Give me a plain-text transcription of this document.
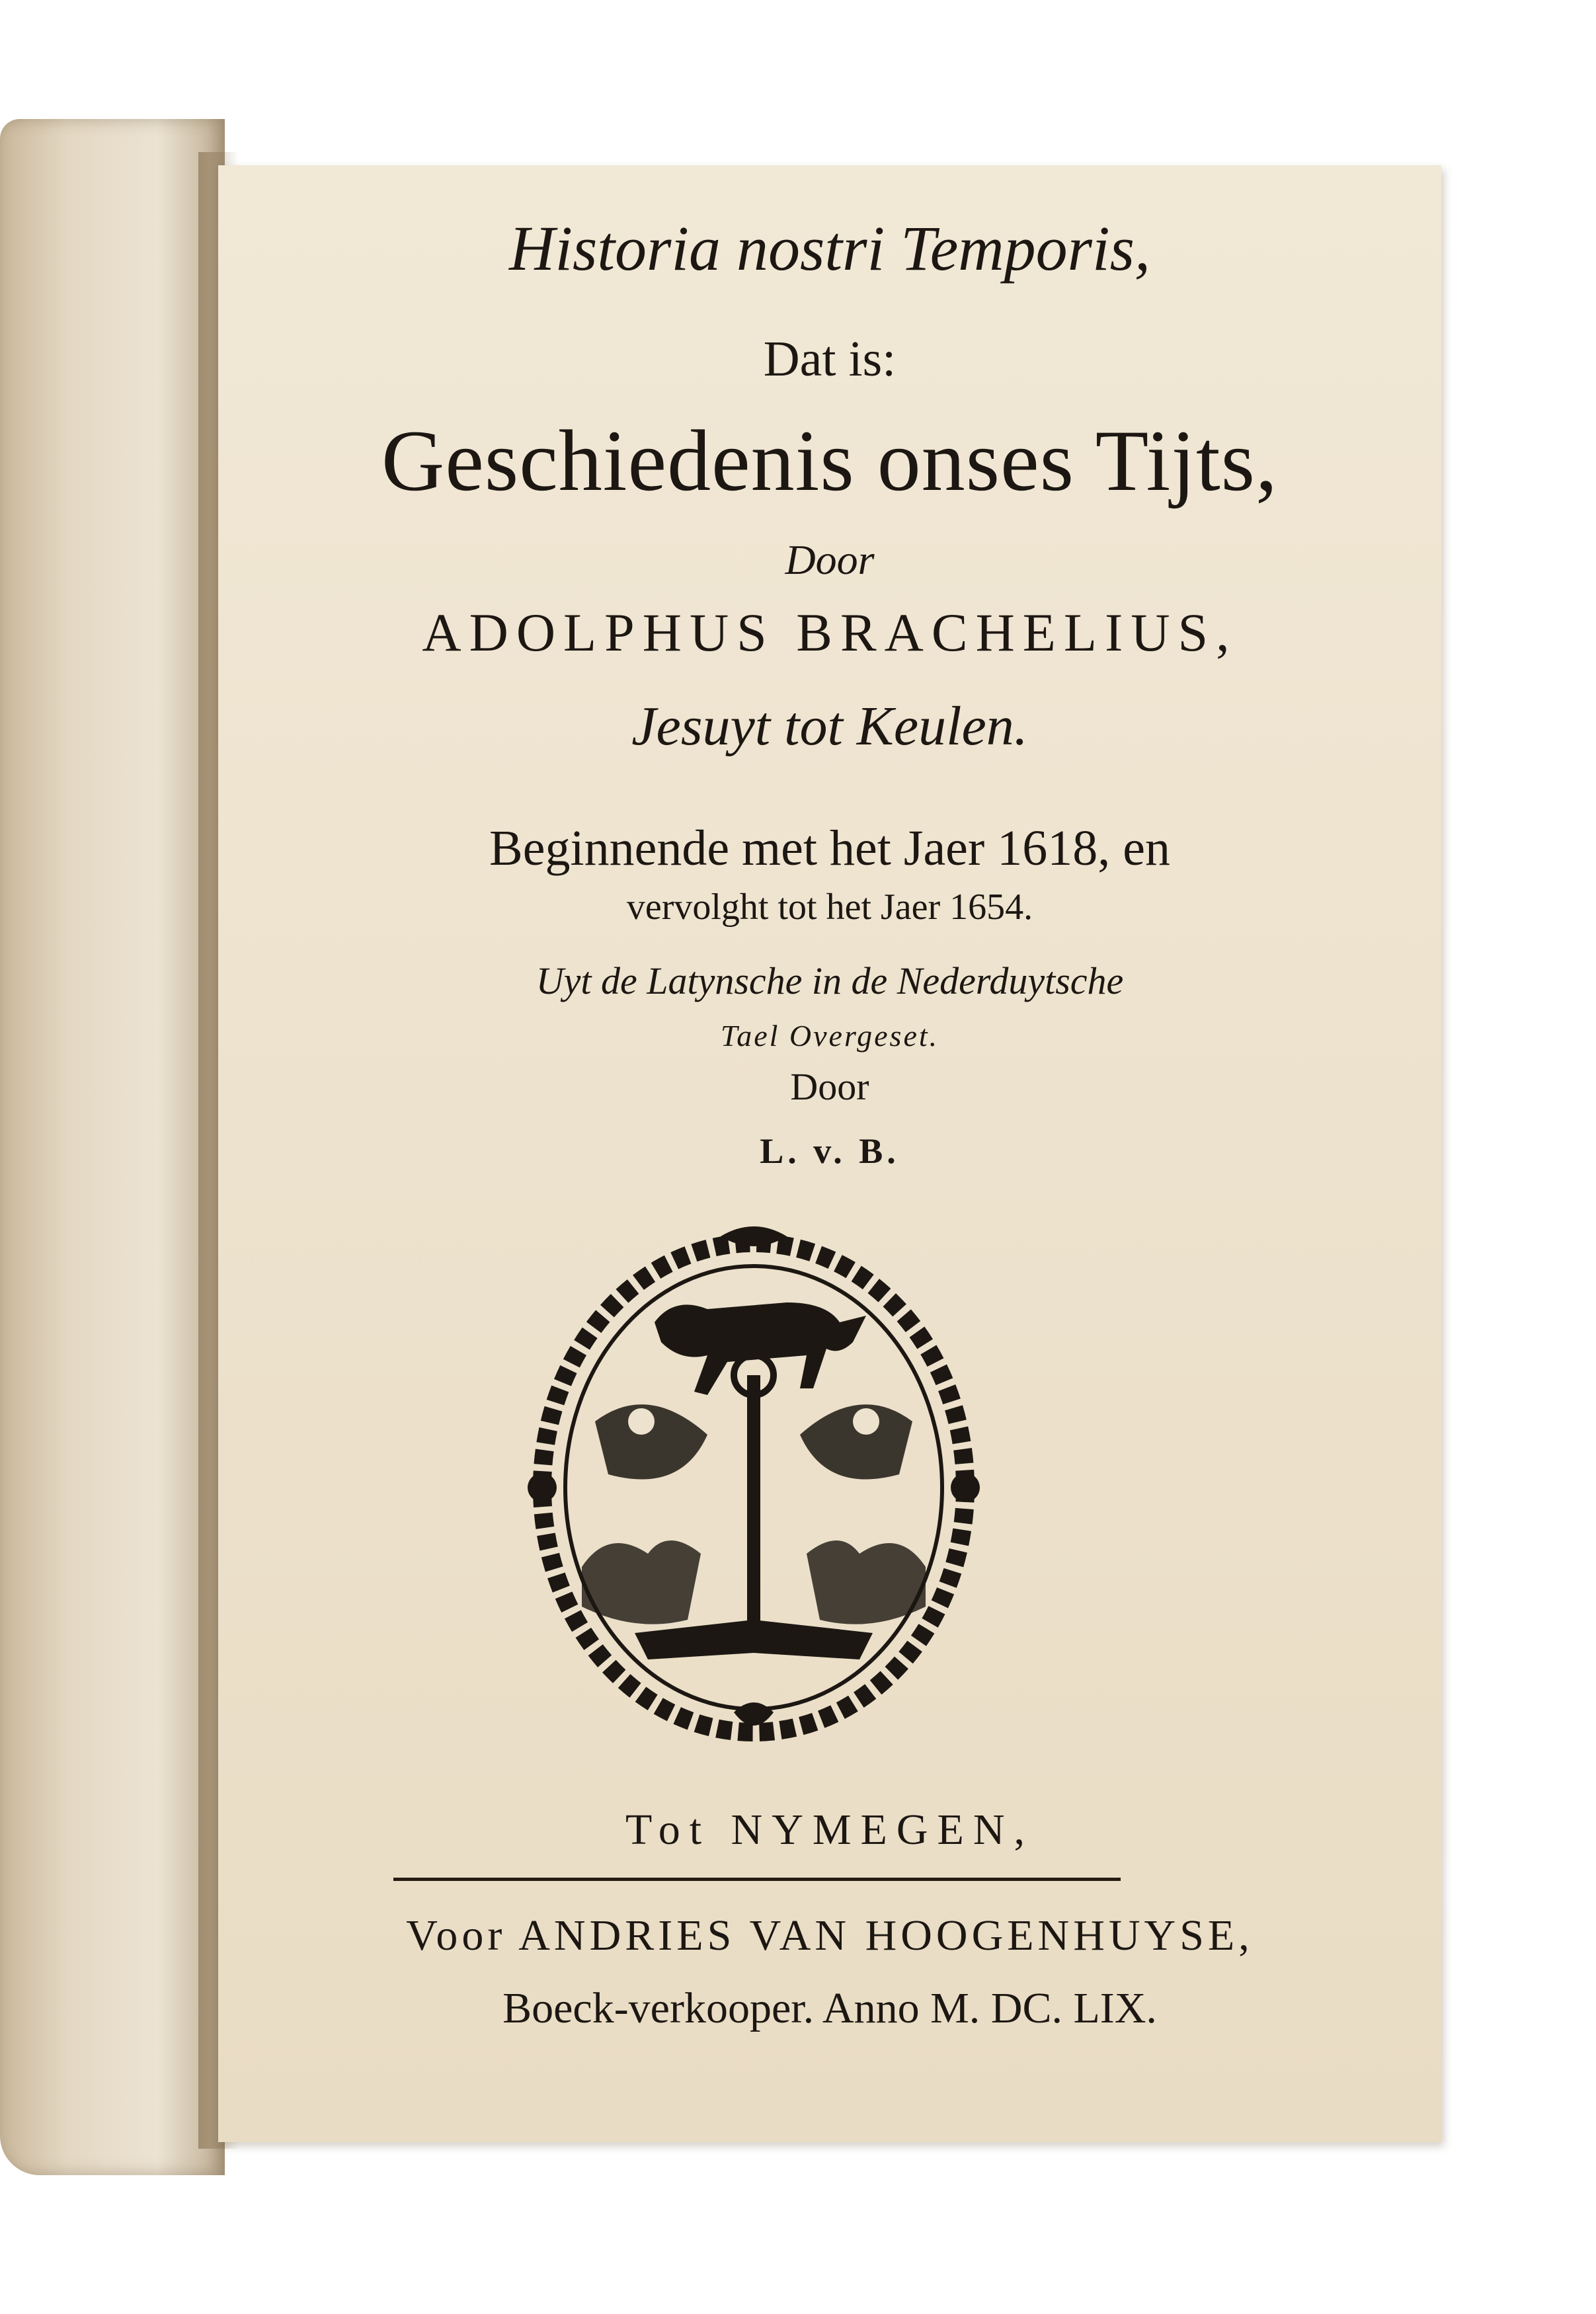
Historia nostri Temporis,
Dat is:
Geschiedenis onses Tijts,
Door
ADOLPHUS BRACHELIUS,
Jesuyt tot Keulen.
Beginnende met het Jaer 1618, en
vervolght tot het Jaer 1654.
Uyt de Latynsche in de Nederduytsche
Tael Overgeset.
Door
L. v. B.
Tot NYMEGEN,
Voor ANDRIES VAN HOOGENHUYSE,
Boeck-verkooper. Anno M. DC. LIX.
